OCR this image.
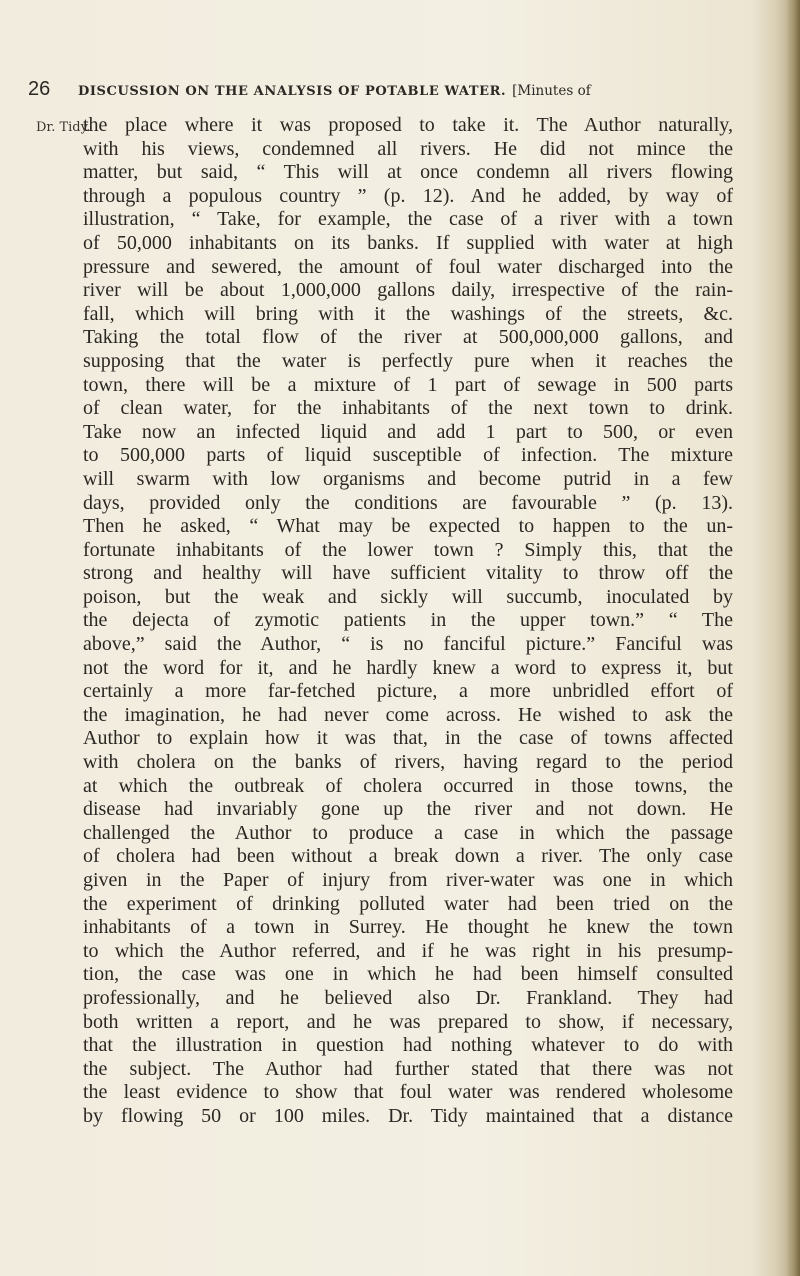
26	DISCUSSION ON THE ANALYSIS OF POTABLE WATER. [Minutes of
Dr. Tidy.

the place where it was proposed to take it. The Author naturally,
with his views, condemned all rivers. He did not mince the
matter, but said, “ This will at once condemn all rivers flowing
through a populous country ” (p. 12). And he added, by way of
illustration, “ Take, for example, the case of a river with a town
of 50,000 inhabitants on its banks. If supplied with water at high
pressure and sewered, the amount of foul water discharged into the
river will be about 1,000,000 gallons daily, irrespective of the rain-
fall, which will bring with it the washings of the streets, &c.
Taking the total flow of the river at 500,000,000 gallons, and
supposing that the water is perfectly pure when it reaches the
town, there will be a mixture of 1 part of sewage in 500 parts
of clean water, for the inhabitants of the next town to drink.
Take now an infected liquid and add 1 part to 500, or even
to 500,000 parts of liquid susceptible of infection. The mixture
will swarm with low organisms and become putrid in a few
days, provided only the conditions are favourable ” (p. 13).
Then he asked, “ What may be expected to happen to the un-
fortunate inhabitants of the lower town ? Simply this, that the
strong and healthy will have sufficient vitality to throw off the
poison, but the weak and sickly will succumb, inoculated by
the dejecta of zymotic patients in the upper town.” “ The
above,” said the Author, “ is no fanciful picture.” Fanciful was
not the word for it, and he hardly knew a word to express it, but
certainly a more far-fetched picture, a more unbridled effort of
the imagination, he had never come across. He wished to ask the
Author to explain how it was that, in the case of towns affected
with cholera on the banks of rivers, having regard to the period
at which the outbreak of cholera occurred in those towns, the
disease had invariably gone up the river and not down. He
challenged the Author to produce a case in which the passage
of cholera had been without a break down a river. The only case
given in the Paper of injury from river-water was one in which
the experiment of drinking polluted water had been tried on the
inhabitants of a town in Surrey. He thought he knew the town
to which the Author referred, and if he was right in his presump-
tion, the case was one in which he had been himself consulted
professionally, and he believed also Dr. Frankland. They had
both written a report, and he was prepared to show, if necessary,
that the illustration in question had nothing whatever to do with
the subject. The Author had further stated that there was not
the least evidence to show that foul water was rendered wholesome
by flowing 50 or 100 miles. Dr. Tidy maintained that a distance
